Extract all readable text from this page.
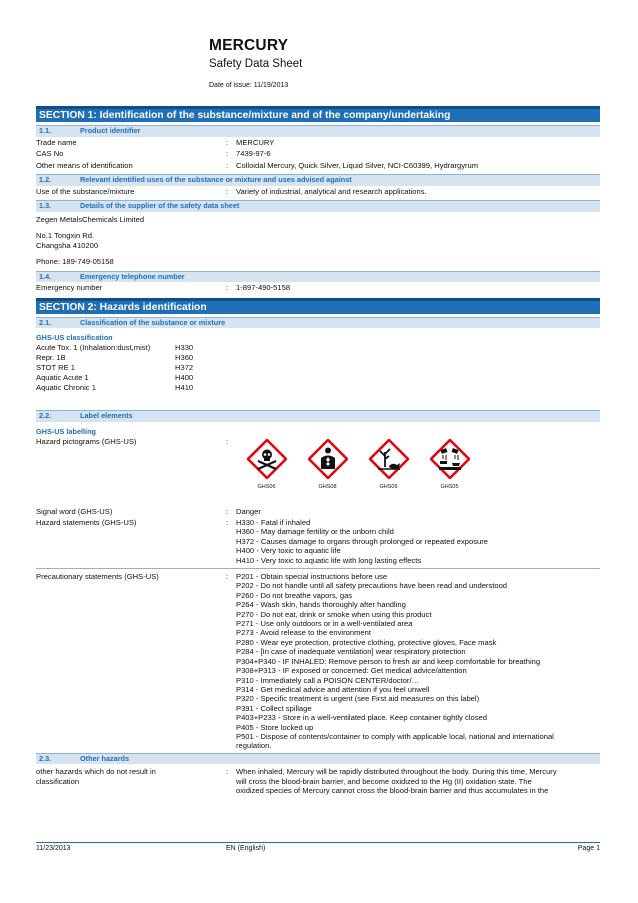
MERCURY
Safety Data Sheet
Date of issue: 11/19/2013
SECTION 1: Identification of the substance/mixture and of the company/undertaking
1.1.	Product identifier
Trade name	:	MERCURY
CAS No	:	7439-97-6
Other means of identification	:	Colloidal Mercury, Quick Silver, Liquid Silver, NCI-C60399, Hydrargyrum
1.2.	Relevant identified uses of the substance or mixture and uses advised against
Use of the substance/mixture	:	Variety of industrial, analytical and research applications.
1.3.	Details of the supplier of the safety data sheet
Zegen MetalsChemicals Limited
No.1 Tongxin Rd.
Changsha 410200
Phone: 189-749-05158
1.4.	Emergency telephone number
Emergency number	:	1-897-490-5158
SECTION 2: Hazards identification
2.1.	Classification of the substance or mixture
GHS-US classification
Acute Tox. 1 (Inhalation:dust,mist)	H330
Repr. 1B	H360
STOT RE 1	H372
Aquatic Acute 1	H400
Aquatic Chronic 1	H410
2.2.	Label elements
GHS-US labelling
Hazard pictograms (GHS-US)	:
GHS06	GHS08	GHS09	GHS05
Signal word (GHS-US)	:	Danger
Hazard statements (GHS-US)	:	H330 - Fatal if inhaled
H360 - May damage fertility or the unborn child
H372 - Causes damage to organs through prolonged or repeated exposure
H400 - Very toxic to aquatic life
H410 - Very toxic to aquatic life with long lasting effects
Precautionary statements (GHS-US)	:	P201 - Obtain special instructions before use
P202 - Do not handle until all safety precautions have been read and understood
P260 - Do not breathe vapors, gas
P264 - Wash skin, hands thoroughly after handling
P270 - Do not eat, drink or smoke when using this product
P271 - Use only outdoors or in a well-ventilated area
P273 - Avoid release to the environment
P280 - Wear eye protection, protective clothing, protective gloves, Face mask
P284 - [In case of inadequate ventilation] wear respiratory protection
P304+P340 - IF INHALED: Remove person to fresh air and keep comfortable for breathing
P308+P313 - IF exposed or concerned: Get medical advice/attention
P310 - Immediately call a POISON CENTER/doctor/…
P314 - Get medical advice and attention if you feel unwell
P320 - Specific treatment is urgent (see First aid measures on this label)
P391 - Collect spillage
P403+P233 - Store in a well-ventilated place. Keep container tightly closed
P405 - Store locked up
P501 - Dispose of contents/container to comply with applicable local, national and international
regulation.
2.3.	Other hazards
other hazards which do not result in
classification
:	When inhaled, Mercury will be rapidly distributed throughout the body. During this time, Mercury
will cross the blood-brain barrier, and become oxidized to the Hg (II) oxidation state. The
oxidized species of Mercury cannot cross the blood-brain barrier and thus accumulates in the
11/23/2013	EN (English)	Page 1
